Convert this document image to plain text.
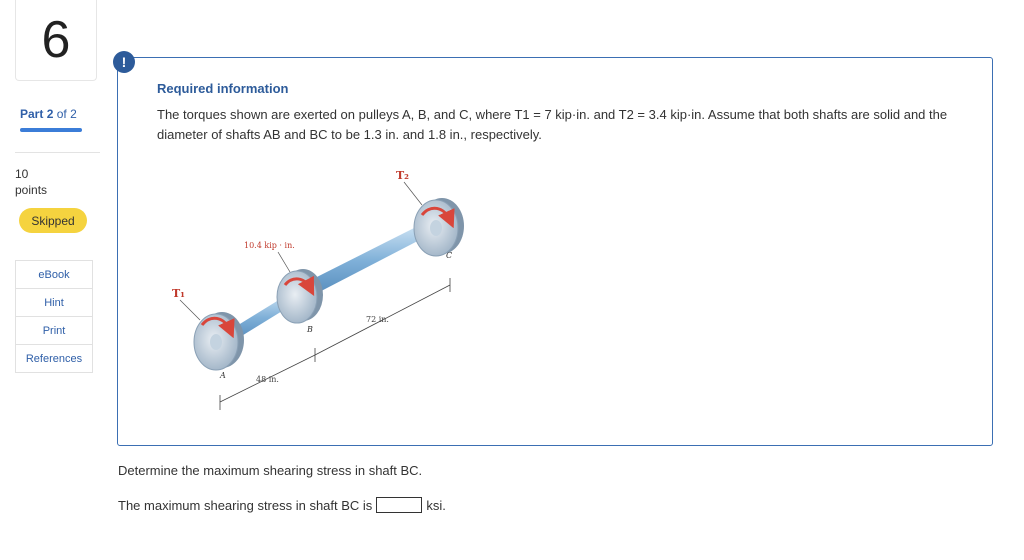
6
Part 2 of 2
10
points
Skipped
eBook
Hint
Print
References
!
Required information
The torques shown are exerted on pulleys A, B, and C, where T1 = 7 kip·in. and T2 = 3.4 kip·in. Assume that both shafts are solid and the diameter of shafts AB and BC to be 1.3 in. and 1.8 in., respectively.
A
B
C
T₁
T₂
10.4 kip · in.
48 in.
72 in.
Determine the maximum shearing stress in shaft BC.
The maximum shearing stress in shaft BC is	ksi.
